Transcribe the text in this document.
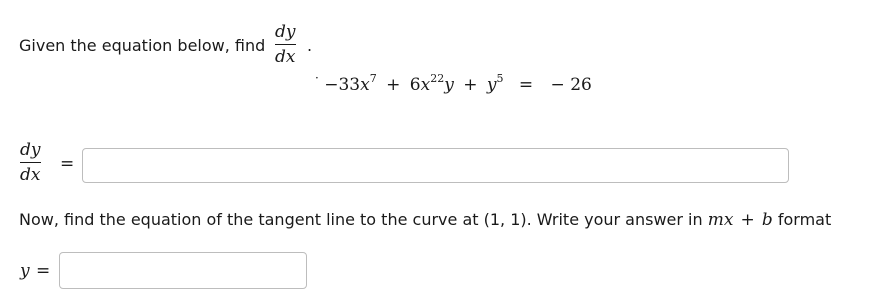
Given the equation below, find
dy
dx
.
$^\cdot -33x^7 + 6x^{22}y + y^5$ = − 26
dy
dx
=
Now, find the equation of the tangent line to the curve at (1, 1). Write your answer in mx + b format
y =
